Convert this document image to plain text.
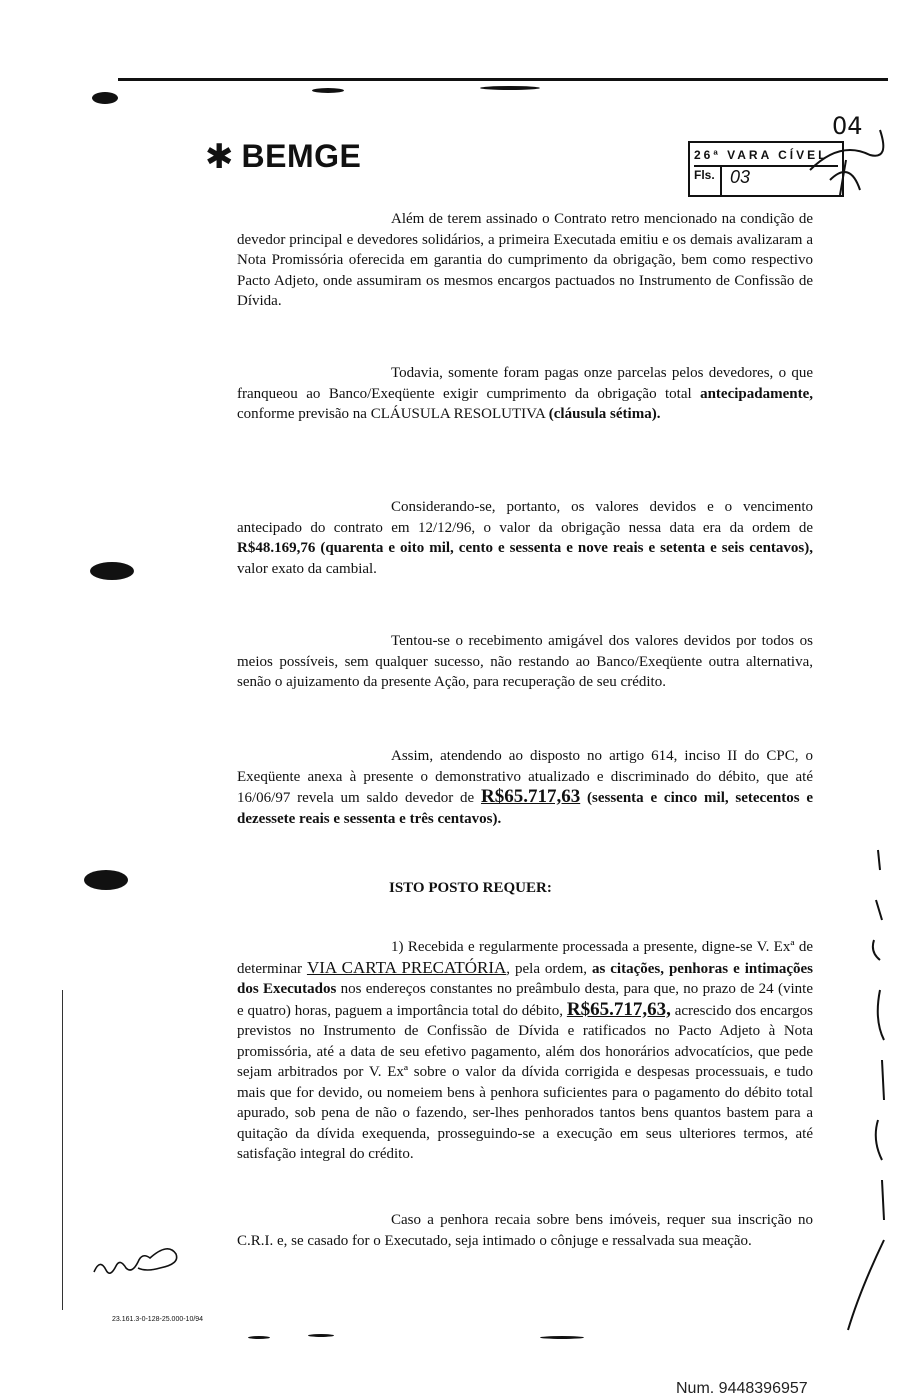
✱ BEMGE	26ª VARA CÍVEL
Fls. 03
04
Além de terem assinado o Contrato retro mencionado na condição de devedor principal e devedores solidários, a primeira Executada emitiu e os demais avalizaram a Nota Promissória oferecida em garantia do cumprimento da obrigação, bem como respectivo Pacto Adjeto, onde assumiram os mesmos encargos pactuados no Instrumento de Confissão de Dívida.
Todavia, somente foram pagas onze parcelas pelos devedores, o que franqueou ao Banco/Exeqüente exigir cumprimento da obrigação total antecipadamente, conforme previsão na CLÁUSULA RESOLUTIVA (cláusula sétima).
Considerando-se, portanto, os valores devidos e o vencimento antecipado do contrato em 12/12/96, o valor da obrigação nessa data era da ordem de R$48.169,76 (quarenta e oito mil, cento e sessenta e nove reais e setenta e seis centavos), valor exato da cambial.
Tentou-se o recebimento amigável dos valores devidos por todos os meios possíveis, sem qualquer sucesso, não restando ao Banco/Exeqüente outra alternativa, senão o ajuizamento da presente Ação, para recuperação de seu crédito.
Assim, atendendo ao disposto no artigo 614, inciso II do CPC, o Exeqüente anexa à presente o demonstrativo atualizado e discriminado do débito, que até 16/06/97 revela um saldo devedor de R$65.717,63 (sessenta e cinco mil, setecentos e dezessete reais e sessenta e três centavos).
ISTO POSTO REQUER:
1) Recebida e regularmente processada a presente, digne-se V. Exª de determinar VIA CARTA PRECATÓRIA, pela ordem, as citações, penhoras e intimações dos Executados nos endereços constantes no preâmbulo desta, para que, no prazo de 24 (vinte e quatro) horas, paguem a importância total do débito, R$65.717,63, acrescido dos encargos previstos no Instrumento de Confissão de Dívida e ratificados no Pacto Adjeto à Nota promissória, até a data de seu efetivo pagamento, além dos honorários advocatícios, que pede sejam arbitrados por V. Exª sobre o valor da dívida corrigida e despesas processuais, e tudo mais que for devido, ou nomeiem bens à penhora suficientes para o pagamento do débito total apurado, sob pena de não o fazendo, ser-lhes penhorados tantos bens quantos bastem para a quitação da dívida exequenda, prosseguindo-se a execução em seus ulteriores termos, até satisfação integral do crédito.
Caso a penhora recaia sobre bens imóveis, requer sua inscrição no C.R.I. e, se casado for o Executado, seja intimado o cônjuge e ressalvada sua meação.
23.161.3-0-128-25.000-10/94
Num. 9448396957
